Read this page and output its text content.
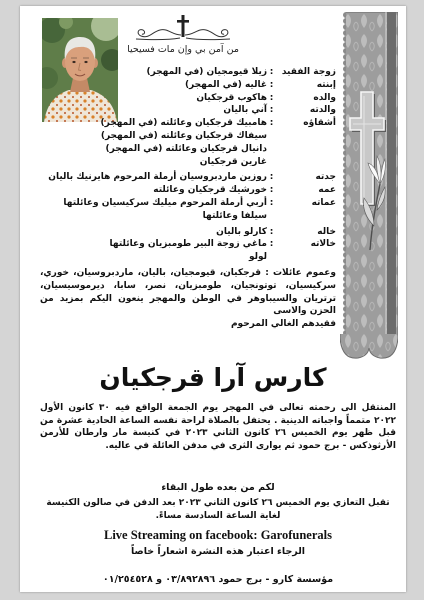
من آمن بي وإن مات فسيحيا
زوجة الفقيد
:
زيلا قيومجيان (في المهجر)
إبنته
:
غاليه (في المهجر)
والده
:
هاكوب قرجكيان
والدته
:
آني باليان
أشقاؤه
:
هامبيك قرجكيان وعائلته (في المهجر)
سيفاك قرجكيان وعائلته (في المهجر)
دانيال قرجكيان وعائلته (في المهجر)
غارين قرجكيان
جدته
:
روزين ماردبروسيان أرملة المرحوم هايرنيك باليان
عمه
:
خورشيك قرجكيان وعائلته
عماته
:
أربي أرملة المرحوم ميليك سركيسيان وعائلتها
سيلفا وعائلتها
خاله
:
كارلو باليان
خالاته
:
ماغي زوجة البير طومبزيان وعائلتها
لولو

وعموم عائلات : قرجكيان، قيومجيان، باليان، ماردبروسيان، خوري، سركيسيان، توتونجيان، طومبزيان، نصر، سابا، ديرموسيسيان، ترتريان والسيباوهر في الوطن والمهجر ينعون اليكم بمزيد من الحزن والاسى
فقيدهم الغالي المرحوم

كارس آرا قرجكيان

المنتقل الى رحمته تعالى في المهجر يوم الجمعة الواقع فيه ٣٠ كانون الأول ٢٠٢٢ متمماً واجباته الدينية . يحتفل بالصلاة لراحة نفسه الساعة الحادية عشرة من قبل ظهر يوم الخميس ٢٦ كانون الثاني ٢٠٢٣ في كنيسة مار وارطان للأرمن الأرثوذكس - برج حمود ثم يوارى الثرى في مدفن العائلة في عاليه.

لكم من بعده طول البقاء
تقبل التعازي يوم الخميس ٢٦ كانون الثاني ٢٠٢٣ بعد الدفن في صالون الكنيسة لغاية الساعة السادسة مساءً.
Live Streaming on facebook: Garofunerals
الرجاء اعتبار هذه النشرة اشعاراً خاصاً
مؤسسة كارو - برج حمود ٠٣/٨٩٢٨٩٦ و ٠١/٢٥٤٥٢٨
